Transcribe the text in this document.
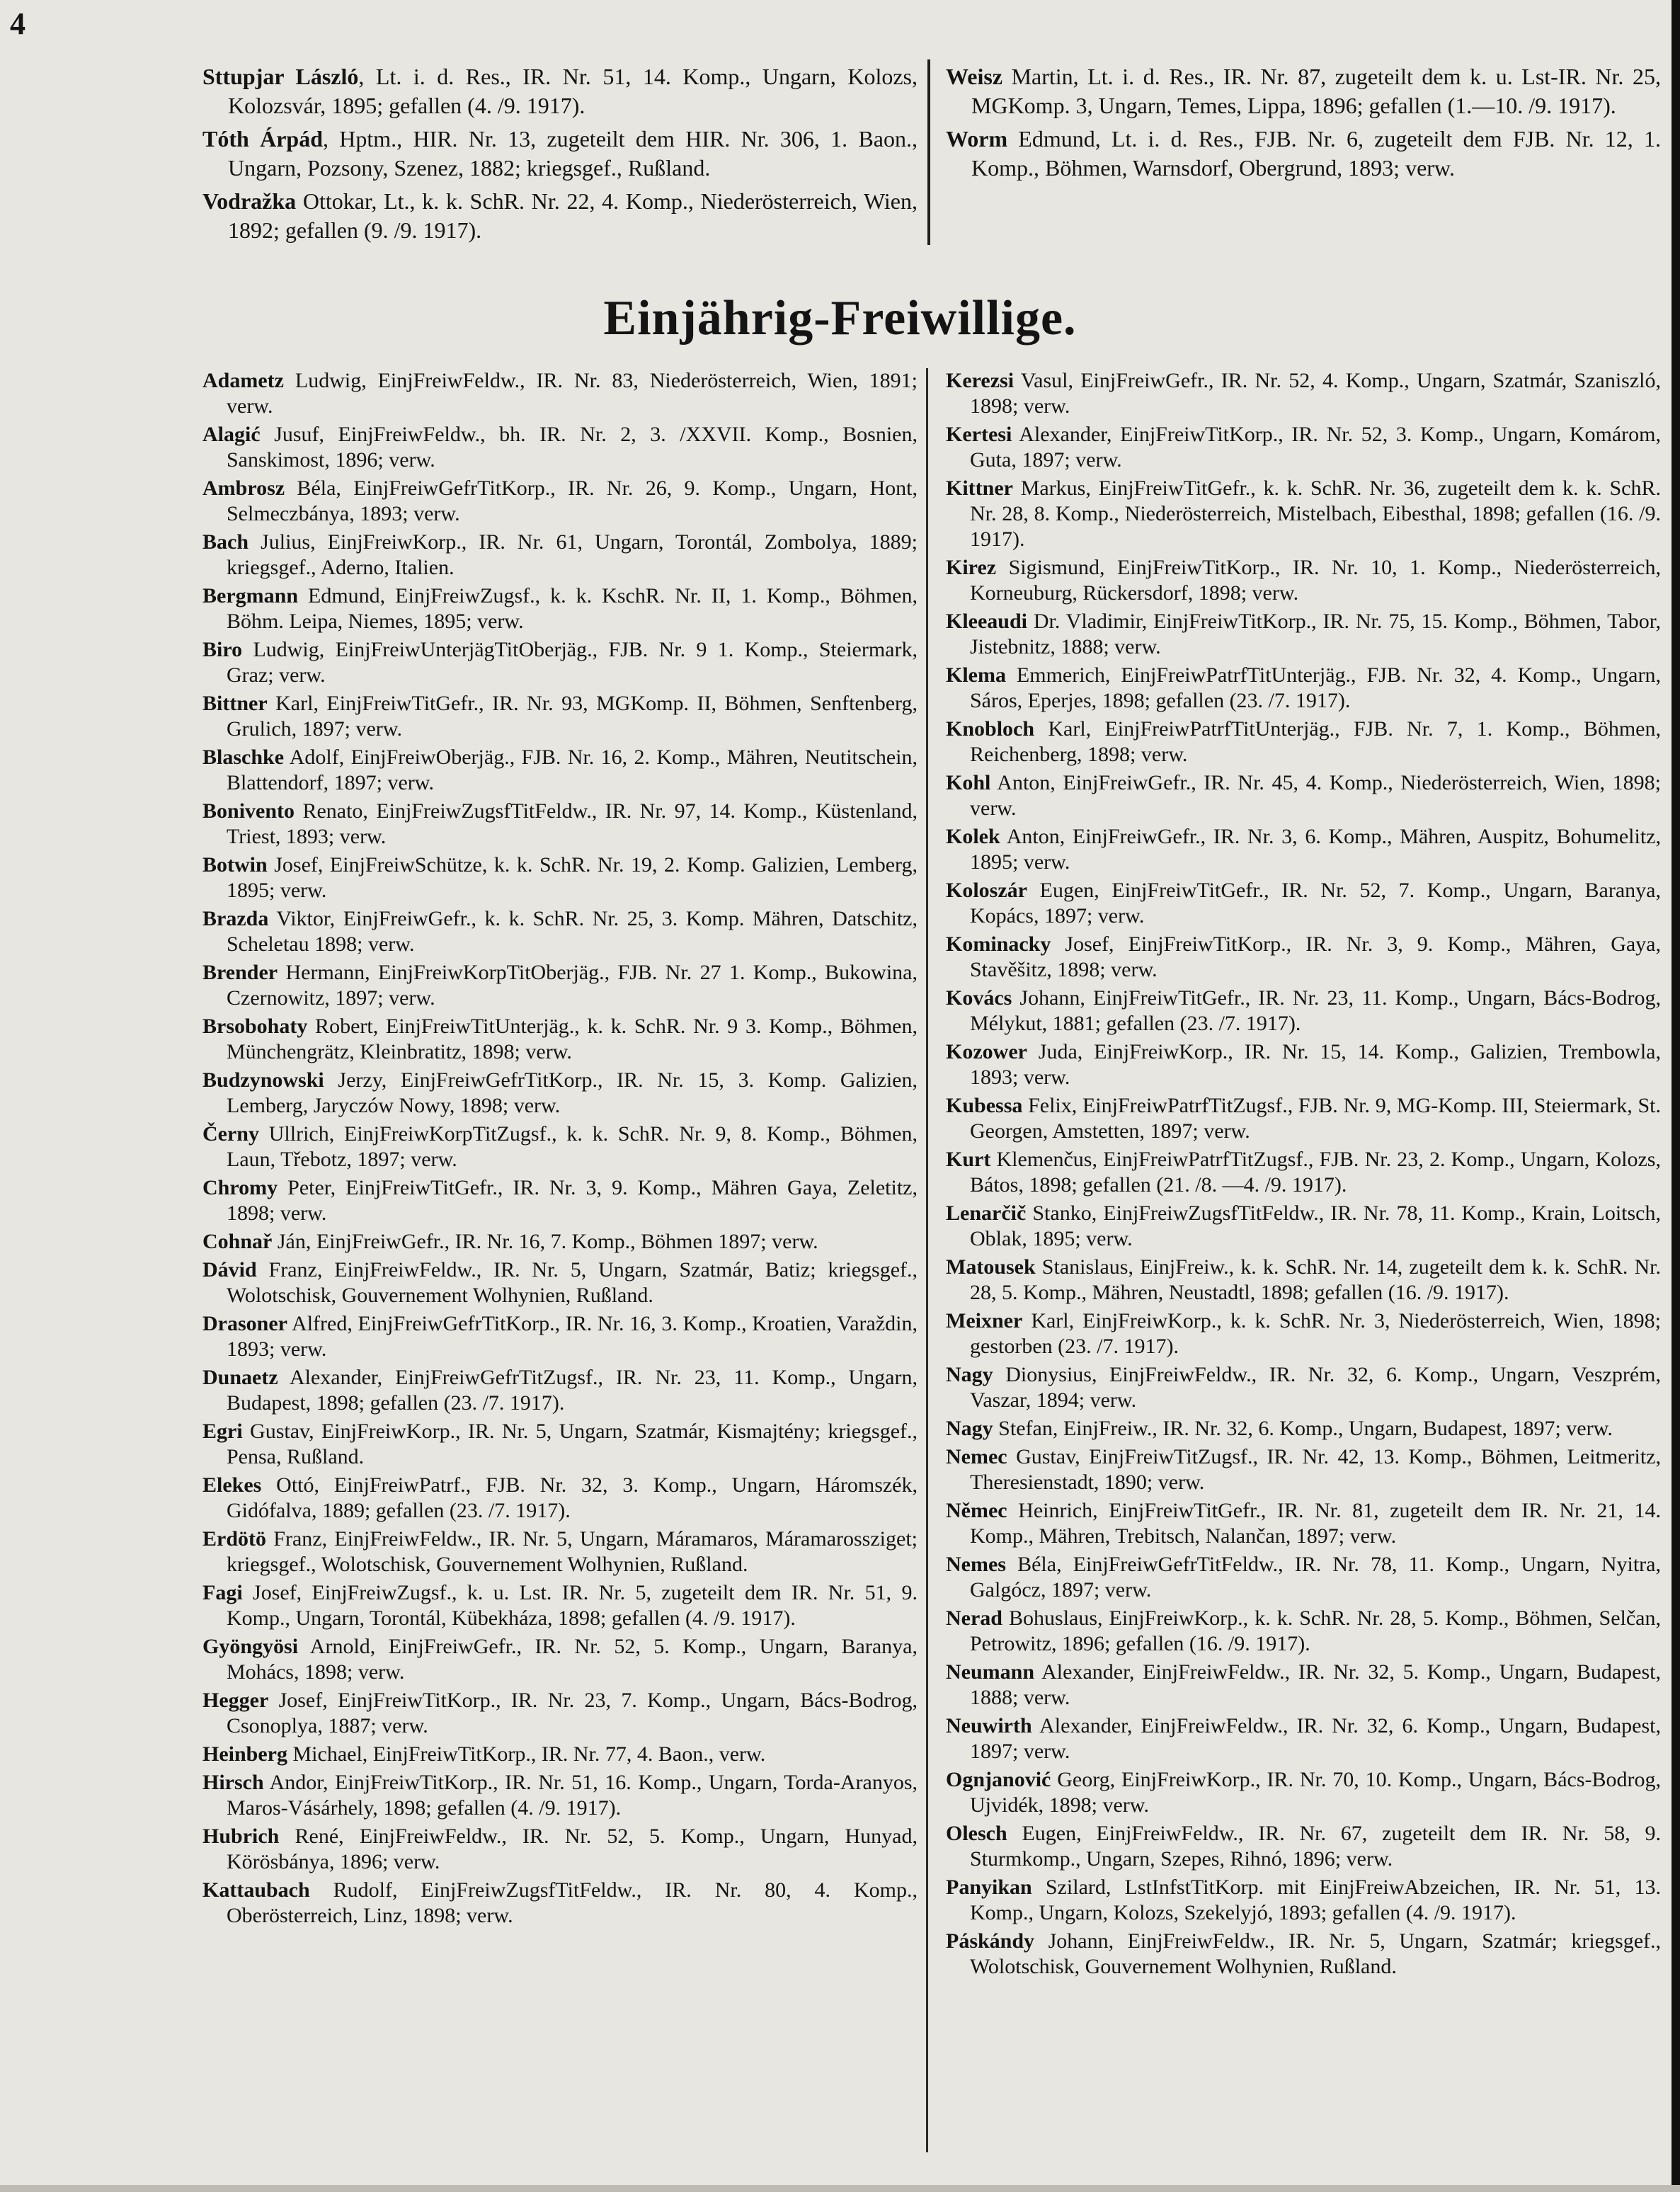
4
Sttupjar László, Lt. i. d. Res., IR. Nr. 51, 14. Komp., Ungarn, Kolozs, Kolozsvár, 1895; gefallen (4. /9. 1917).
Tóth Árpád, Hptm., HIR. Nr. 13, zugeteilt dem HIR. Nr. 306, 1. Baon., Ungarn, Pozsony, Szenez, 1882; kriegsgef., Rußland.
Vodražka Ottokar, Lt., k. k. SchR. Nr. 22, 4. Komp., Niederösterreich, Wien, 1892; gefallen (9. /9. 1917).
Weisz Martin, Lt. i. d. Res., IR. Nr. 87, zugeteilt dem k. u. Lst-IR. Nr. 25, MGKomp. 3, Ungarn, Temes, Lippa, 1896; gefallen (1.—10. /9. 1917).
Worm Edmund, Lt. i. d. Res., FJB. Nr. 6, zugeteilt dem FJB. Nr. 12, 1. Komp., Böhmen, Warnsdorf, Obergrund, 1893; verw.
Einjährig-Freiwillige.
Adametz Ludwig, EinjFreiwFeldw., IR. Nr. 83, Niederösterreich, Wien, 1891; verw.
Alagić Jusuf, EinjFreiwFeldw., bh. IR. Nr. 2, 3. /XXVII. Komp., Bosnien, Sanskimost, 1896; verw.
Ambrosz Béla, EinjFreiwGefrTitKorp., IR. Nr. 26, 9. Komp., Ungarn, Hont, Selmeczbánya, 1893; verw.
Bach Julius, EinjFreiwKorp., IR. Nr. 61, Ungarn, Torontál, Zombolya, 1889; kriegsgef., Aderno, Italien.
Bergmann Edmund, EinjFreiwZugsf., k. k. KschR. Nr. II, 1. Komp., Böhmen, Böhm. Leipa, Niemes, 1895; verw.
Biro Ludwig, EinjFreiwUnterjägTitOberjäg., FJB. Nr. 9 1. Komp., Steiermark, Graz; verw.
Bittner Karl, EinjFreiwTitGefr., IR. Nr. 93, MGKomp. II, Böhmen, Senftenberg, Grulich, 1897; verw.
Blaschke Adolf, EinjFreiwOberjäg., FJB. Nr. 16, 2. Komp., Mähren, Neutitschein, Blattendorf, 1897; verw.
Bonivento Renato, EinjFreiwZugsfTitFeldw., IR. Nr. 97, 14. Komp., Küstenland, Triest, 1893; verw.
Botwin Josef, EinjFreiwSchütze, k. k. SchR. Nr. 19, 2. Komp. Galizien, Lemberg, 1895; verw.
Brazda Viktor, EinjFreiwGefr., k. k. SchR. Nr. 25, 3. Komp. Mähren, Datschitz, Scheletau 1898; verw.
Brender Hermann, EinjFreiwKorpTitOberjäg., FJB. Nr. 27 1. Komp., Bukowina, Czernowitz, 1897; verw.
Brsobohaty Robert, EinjFreiwTitUnterjäg., k. k. SchR. Nr. 9 3. Komp., Böhmen, Münchengrätz, Kleinbratitz, 1898; verw.
Budzynowski Jerzy, EinjFreiwGefrTitKorp., IR. Nr. 15, 3. Komp. Galizien, Lemberg, Jaryczów Nowy, 1898; verw.
Černy Ullrich, EinjFreiwKorpTitZugsf., k. k. SchR. Nr. 9, 8. Komp., Böhmen, Laun, Třebotz, 1897; verw.
Chromy Peter, EinjFreiwTitGefr., IR. Nr. 3, 9. Komp., Mähren Gaya, Zeletitz, 1898; verw.
Cohnař Ján, EinjFreiwGefr., IR. Nr. 16, 7. Komp., Böhmen 1897; verw.
Dávid Franz, EinjFreiwFeldw., IR. Nr. 5, Ungarn, Szatmár, Batiz; kriegsgef., Wolotschisk, Gouvernement Wolhynien, Rußland.
Drasoner Alfred, EinjFreiwGefrTitKorp., IR. Nr. 16, 3. Komp., Kroatien, Varaždin, 1893; verw.
Dunaetz Alexander, EinjFreiwGefrTitZugsf., IR. Nr. 23, 11. Komp., Ungarn, Budapest, 1898; gefallen (23. /7. 1917).
Egri Gustav, EinjFreiwKorp., IR. Nr. 5, Ungarn, Szatmár, Kismajtény; kriegsgef., Pensa, Rußland.
Elekes Ottó, EinjFreiwPatrf., FJB. Nr. 32, 3. Komp., Ungarn, Háromszék, Gidófalva, 1889; gefallen (23. /7. 1917).
Erdötö Franz, EinjFreiwFeldw., IR. Nr. 5, Ungarn, Máramaros, Máramarossziget; kriegsgef., Wolotschisk, Gouvernement Wolhynien, Rußland.
Fagi Josef, EinjFreiwZugsf., k. u. Lst. IR. Nr. 5, zugeteilt dem IR. Nr. 51, 9. Komp., Ungarn, Torontál, Kübekháza, 1898; gefallen (4. /9. 1917).
Gyöngyösi Arnold, EinjFreiwGefr., IR. Nr. 52, 5. Komp., Ungarn, Baranya, Mohács, 1898; verw.
Hegger Josef, EinjFreiwTitKorp., IR. Nr. 23, 7. Komp., Ungarn, Bács-Bodrog, Csonoplya, 1887; verw.
Heinberg Michael, EinjFreiwTitKorp., IR. Nr. 77, 4. Baon., verw.
Hirsch Andor, EinjFreiwTitKorp., IR. Nr. 51, 16. Komp., Ungarn, Torda-Aranyos, Maros-Vásárhely, 1898; gefallen (4. /9. 1917).
Hubrich René, EinjFreiwFeldw., IR. Nr. 52, 5. Komp., Ungarn, Hunyad, Körösbánya, 1896; verw.
Kattaubach Rudolf, EinjFreiwZugsfTitFeldw., IR. Nr. 80, 4. Komp., Oberösterreich, Linz, 1898; verw.
Kerezsi Vasul, EinjFreiwGefr., IR. Nr. 52, 4. Komp., Ungarn, Szatmár, Szaniszló, 1898; verw.
Kertesi Alexander, EinjFreiwTitKorp., IR. Nr. 52, 3. Komp., Ungarn, Komárom, Guta, 1897; verw.
Kittner Markus, EinjFreiwTitGefr., k. k. SchR. Nr. 36, zugeteilt dem k. k. SchR. Nr. 28, 8. Komp., Niederösterreich, Mistelbach, Eibesthal, 1898; gefallen (16. /9. 1917).
Kirez Sigismund, EinjFreiwTitKorp., IR. Nr. 10, 1. Komp., Niederösterreich, Korneuburg, Rückersdorf, 1898; verw.
Kleeaudi Dr. Vladimir, EinjFreiwTitKorp., IR. Nr. 75, 15. Komp., Böhmen, Tabor, Jistebnitz, 1888; verw.
Klema Emmerich, EinjFreiwPatrfTitUnterjäg., FJB. Nr. 32, 4. Komp., Ungarn, Sáros, Eperjes, 1898; gefallen (23. /7. 1917).
Knobloch Karl, EinjFreiwPatrfTitUnterjäg., FJB. Nr. 7, 1. Komp., Böhmen, Reichenberg, 1898; verw.
Kohl Anton, EinjFreiwGefr., IR. Nr. 45, 4. Komp., Niederösterreich, Wien, 1898; verw.
Kolek Anton, EinjFreiwGefr., IR. Nr. 3, 6. Komp., Mähren, Auspitz, Bohumelitz, 1895; verw.
Koloszár Eugen, EinjFreiwTitGefr., IR. Nr. 52, 7. Komp., Ungarn, Baranya, Kopács, 1897; verw.
Kominacky Josef, EinjFreiwTitKorp., IR. Nr. 3, 9. Komp., Mähren, Gaya, Stavěšitz, 1898; verw.
Kovács Johann, EinjFreiwTitGefr., IR. Nr. 23, 11. Komp., Ungarn, Bács-Bodrog, Mélykut, 1881; gefallen (23. /7. 1917).
Kozower Juda, EinjFreiwKorp., IR. Nr. 15, 14. Komp., Galizien, Trembowla, 1893; verw.
Kubessa Felix, EinjFreiwPatrfTitZugsf., FJB. Nr. 9, MG-Komp. III, Steiermark, St. Georgen, Amstetten, 1897; verw.
Kurt Klemenčus, EinjFreiwPatrfTitZugsf., FJB. Nr. 23, 2. Komp., Ungarn, Kolozs, Bátos, 1898; gefallen (21. /8. —4. /9. 1917).
Lenarčič Stanko, EinjFreiwZugsfTitFeldw., IR. Nr. 78, 11. Komp., Krain, Loitsch, Oblak, 1895; verw.
Matousek Stanislaus, EinjFreiw., k. k. SchR. Nr. 14, zugeteilt dem k. k. SchR. Nr. 28, 5. Komp., Mähren, Neustadtl, 1898; gefallen (16. /9. 1917).
Meixner Karl, EinjFreiwKorp., k. k. SchR. Nr. 3, Niederösterreich, Wien, 1898; gestorben (23. /7. 1917).
Nagy Dionysius, EinjFreiwFeldw., IR. Nr. 32, 6. Komp., Ungarn, Veszprém, Vaszar, 1894; verw.
Nagy Stefan, EinjFreiw., IR. Nr. 32, 6. Komp., Ungarn, Budapest, 1897; verw.
Nemec Gustav, EinjFreiwTitZugsf., IR. Nr. 42, 13. Komp., Böhmen, Leitmeritz, Theresienstadt, 1890; verw.
Němec Heinrich, EinjFreiwTitGefr., IR. Nr. 81, zugeteilt dem IR. Nr. 21, 14. Komp., Mähren, Trebitsch, Nalančan, 1897; verw.
Nemes Béla, EinjFreiwGefrTitFeldw., IR. Nr. 78, 11. Komp., Ungarn, Nyitra, Galgócz, 1897; verw.
Nerad Bohuslaus, EinjFreiwKorp., k. k. SchR. Nr. 28, 5. Komp., Böhmen, Selčan, Petrowitz, 1896; gefallen (16. /9. 1917).
Neumann Alexander, EinjFreiwFeldw., IR. Nr. 32, 5. Komp., Ungarn, Budapest, 1888; verw.
Neuwirth Alexander, EinjFreiwFeldw., IR. Nr. 32, 6. Komp., Ungarn, Budapest, 1897; verw.
Ognjanović Georg, EinjFreiwKorp., IR. Nr. 70, 10. Komp., Ungarn, Bács-Bodrog, Ujvidék, 1898; verw.
Olesch Eugen, EinjFreiwFeldw., IR. Nr. 67, zugeteilt dem IR. Nr. 58, 9. Sturmkomp., Ungarn, Szepes, Rihnó, 1896; verw.
Panyikan Szilard, LstInfstTitKorp. mit EinjFreiwAbzeichen, IR. Nr. 51, 13. Komp., Ungarn, Kolozs, Szekelyjó, 1893; gefallen (4. /9. 1917).
Páskándy Johann, EinjFreiwFeldw., IR. Nr. 5, Ungarn, Szatmár; kriegsgef., Wolotschisk, Gouvernement Wolhynien, Rußland.
